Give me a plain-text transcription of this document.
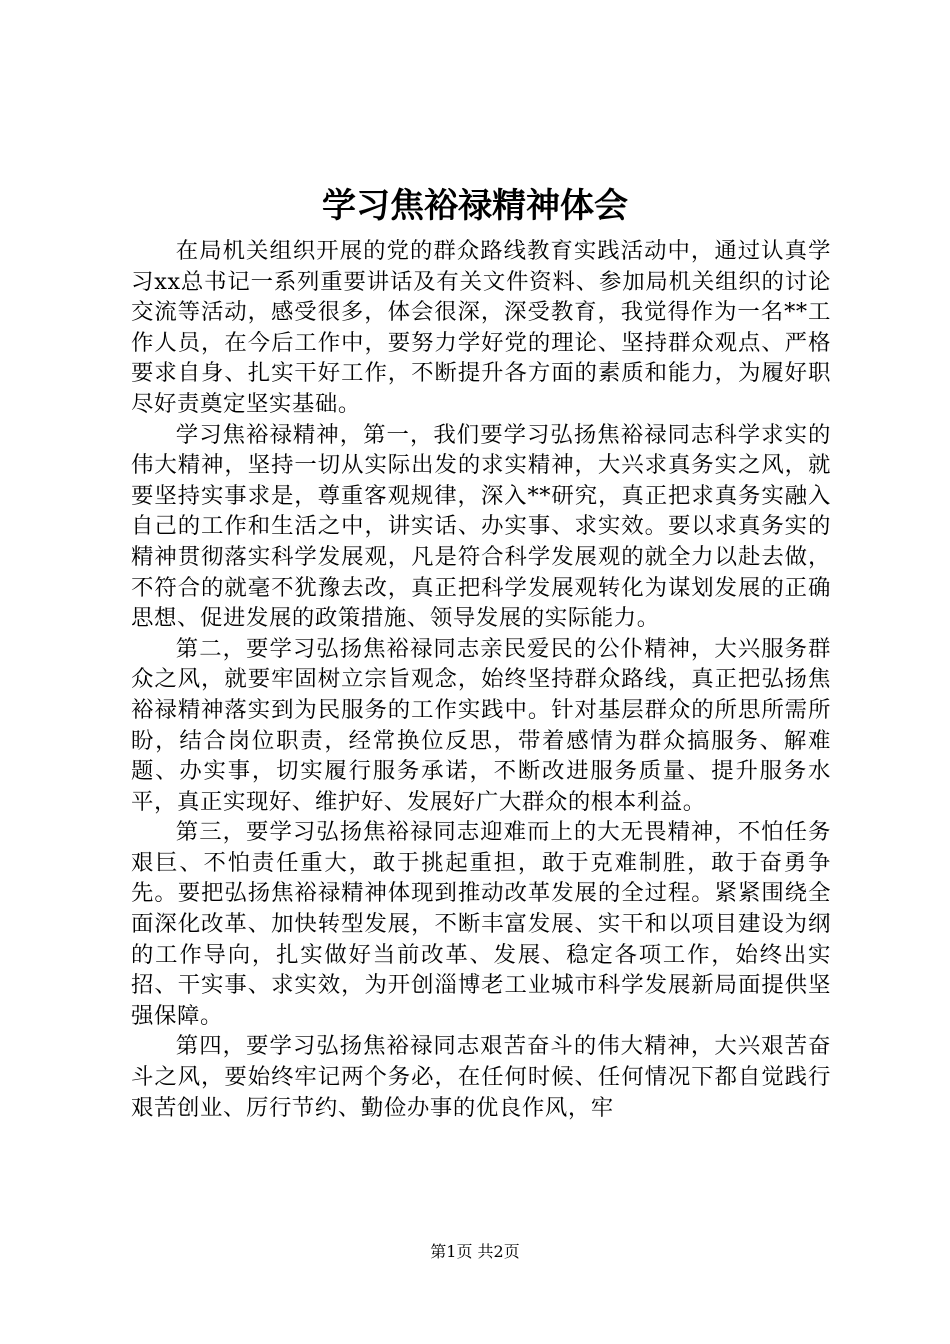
学习焦裕禄精神体会

在局机关组织开展的党的群众路线教育实践活动中，通过认真学习xx总书记一系列重要讲话及有关文件资料、参加局机关组织的讨论交流等活动，感受很多，体会很深，深受教育，我觉得作为一名**工作人员，在今后工作中，要努力学好党的理论、坚持群众观点、严格要求自身、扎实干好工作，不断提升各方面的素质和能力，为履好职尽好责奠定坚实基础。

学习焦裕禄精神，第一，我们要学习弘扬焦裕禄同志科学求实的伟大精神，坚持一切从实际出发的求实精神，大兴求真务实之风，就要坚持实事求是，尊重客观规律，深入**研究，真正把求真务实融入自己的工作和生活之中，讲实话、办实事、求实效。要以求真务实的精神贯彻落实科学发展观，凡是符合科学发展观的就全力以赴去做，不符合的就毫不犹豫去改，真正把科学发展观转化为谋划发展的正确思想、促进发展的政策措施、领导发展的实际能力。

第二，要学习弘扬焦裕禄同志亲民爱民的公仆精神，大兴服务群众之风，就要牢固树立宗旨观念，始终坚持群众路线，真正把弘扬焦裕禄精神落实到为民服务的工作实践中。针对基层群众的所思所需所盼，结合岗位职责，经常换位反思，带着感情为群众搞服务、解难题、办实事，切实履行服务承诺，不断改进服务质量、提升服务水平，真正实现好、维护好、发展好广大群众的根本利益。

第三，要学习弘扬焦裕禄同志迎难而上的大无畏精神，不怕任务艰巨、不怕责任重大，敢于挑起重担，敢于克难制胜，敢于奋勇争先。要把弘扬焦裕禄精神体现到推动改革发展的全过程。紧紧围绕全面深化改革、加快转型发展，不断丰富发展、实干和以项目建设为纲的工作导向，扎实做好当前改革、发展、稳定各项工作，始终出实招、干实事、求实效，为开创淄博老工业城市科学发展新局面提供坚强保障。

第四，要学习弘扬焦裕禄同志艰苦奋斗的伟大精神，大兴艰苦奋斗之风，要始终牢记两个务必，在任何时候、任何情况下都自觉践行艰苦创业、厉行节约、勤俭办事的优良作风，牢

第1页 共2页
